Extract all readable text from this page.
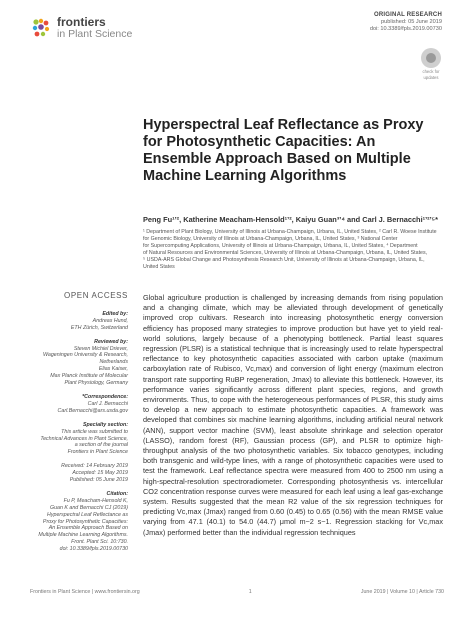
frontiers
in Plant Science
ORIGINAL RESEARCH
published: 05 June 2019
doi: 10.3389/fpls.2019.00730
check for
updates
Hyperspectral Leaf Reflectance as Proxy for Photosynthetic Capacities: An Ensemble Approach Based on Multiple Machine Learning Algorithms
Peng Fu¹ʼ², Katherine Meacham-Hensold¹ʼ², Kaiyu Guan³ʼ⁴ and Carl J. Bernacchi¹ʼ²ʼ⁵*

¹ Department of Plant Biology, University of Illinois at Urbana-Champaign, Urbana, IL, United States, ² Carl R. Woese Institute

for Genomic Biology, University of Illinois at Urbana-Champaign, Urbana, IL, United States, ³ National Center

for Supercomputing Applications, University of Illinois at Urbana-Champaign, Urbana, IL, United States, ⁴ Department

of Natural Resources and Environmental Sciences, University of Illinois at Urbana-Champaign, Urbana, IL, United States,

⁵ USDA-ARS Global Change and Photosynthesis Research Unit, University of Illinois at Urbana-Champaign, Urbana, IL,

United States

OPEN ACCESS
Edited by:
Andreas Hund,
ETH Zürich, Switzerland
Reviewed by:
Steven Michiel Driever,
Wageningen University & Research,
Netherlands
Elias Kaiser,
Max Planck Institute of Molecular
Plant Physiology, Germany
*Correspondence:
Carl J. Bernacchi
Carl.Bernacchi@ars.usda.gov
Specialty section:
This article was submitted to
Technical Advances in Plant Science,
a section of the journal
Frontiers in Plant Science
Received: 14 February 2019
Accepted: 15 May 2019
Published: 05 June 2019
Citation:
Fu P, Meacham-Hensold K,
Guan K and Bernacchi CJ (2019)
Hyperspectral Leaf Reflectance as
Proxy for Photosynthetic Capacities:
An Ensemble Approach Based on
Multiple Machine Learning Algorithms.
Front. Plant Sci. 10:730.
doi: 10.3389/fpls.2019.00730

Global agriculture production is challenged by increasing demands from rising population and a changing climate, which may be alleviated through development of genetically improved crop cultivars. Research into increasing photosynthetic energy conversion efficiency has proposed many strategies to improve production but have yet to yield real-world solutions, largely because of a phenotyping bottleneck. Partial least squares regression (PLSR) is a statistical technique that is increasingly used to relate hyperspectral reflectance to key photosynthetic capacities associated with carbon uptake (maximum carboxylation rate of Rubisco, Vc,max) and conversion of light energy (maximum electron transport rate supporting RuBP regeneration, Jmax) to alleviate this bottleneck. However, its performance varies significantly across different plant species, regions, and growth environments. Thus, to cope with the heterogeneous performances of PLSR, this study aims to develop a new approach to estimate photosynthetic capacities. A framework was developed that combines six machine learning algorithms, including artificial neural network (ANN), support vector machine (SVM), least absolute shrinkage and selection operator (LASSO), random forest (RF), Gaussian process (GP), and PLSR to optimize high-throughput analysis of the two photosynthetic variables. Six tobacco genotypes, including both transgenic and wild-type lines, with a range of photosynthetic capacities were used to test the framework. Leaf reflectance spectra were measured from 400 to 2500 nm using a high-spectral-resolution spectroradiometer. Corresponding photosynthesis vs. intercellular CO2 concentration response curves were measured for each leaf using a leaf gas-exchange system. Results suggested that the mean R2 value of the six regression techniques for predicting Vc,max (Jmax) ranged from 0.60 (0.45) to 0.65 (0.56) with the mean RMSE value varying from 47.1 (40.1) to 54.0 (44.7) μmol m−2 s−1. Regression stacking for Vc,max (Jmax) performed better than the individual regression techniques

Frontiers in Plant Science | www.frontiersin.org	1	June 2019 | Volume 10 | Article 730
